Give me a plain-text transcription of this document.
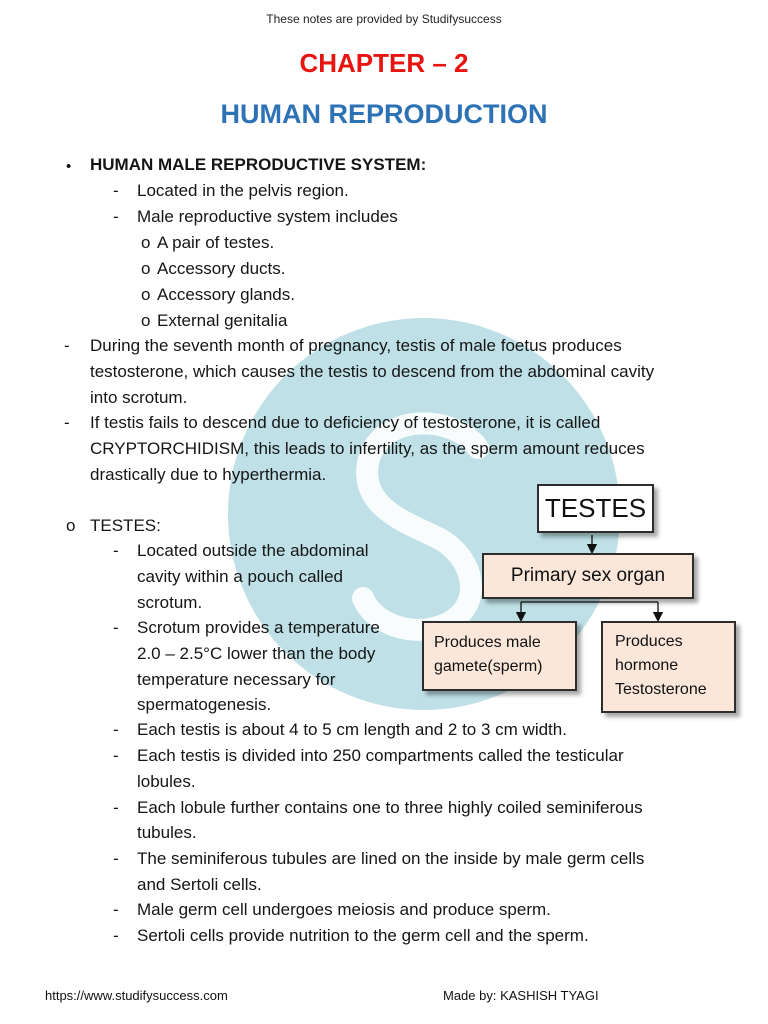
These notes are provided by Studifysuccess
CHAPTER – 2
HUMAN REPRODUCTION
• HUMAN MALE REPRODUCTIVE SYSTEM:
- Located in the pelvis region.
- Male reproductive system includes
o A pair of testes.
o Accessory ducts.
o Accessory glands.
o External genitalia
- During the seventh month of pregnancy, testis of male foetus produces
testosterone, which causes the testis to descend from the abdominal cavity
into scrotum.
- If testis fails to descend due to deficiency of testosterone, it is called
CRYPTORCHIDISM, this leads to infertility, as the sperm amount reduces
drastically due to hyperthermia.
o TESTES:
- Located outside the abdominal
cavity within a pouch called
scrotum.
- Scrotum provides a temperature
2.0 – 2.5°C lower than the body
temperature necessary for
spermatogenesis.
- Each testis is about 4 to 5 cm length and 2 to 3 cm width.
- Each testis is divided into 250 compartments called the testicular
lobules.
- Each lobule further contains one to three highly coiled seminiferous
tubules.
- The seminiferous tubules are lined on the inside by male germ cells
and Sertoli cells.
- Male germ cell undergoes meiosis and produce sperm.
- Sertoli cells provide nutrition to the germ cell and the sperm.
TESTES
Primary sex organ
Produces male
gamete(sperm)
Produces
hormone
Testosterone
https://www.studifysuccess.com	Made by: KASHISH TYAGI
